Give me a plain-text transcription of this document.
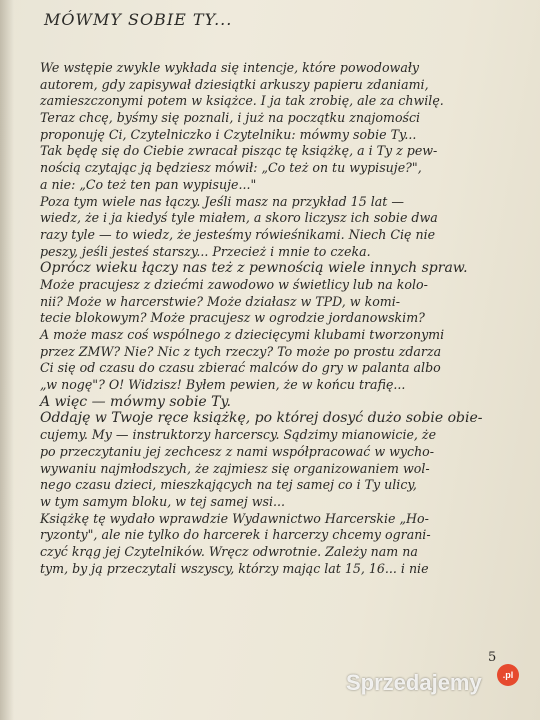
MÓWMY SOBIE TY...
We wstępie zwykle wykłada się intencje, które powodowały
autorem, gdy zapisywał dziesiątki arkuszy papieru zdaniami,
zamieszczonymi potem w książce. I ja tak zrobię, ale za chwilę.
Teraz chcę, byśmy się poznali, i już na początku znajomości
proponuję Ci, Czytelniczko i Czytelniku: mówmy sobie Ty...
Tak będę się do Ciebie zwracał pisząc tę książkę, a i Ty z pew-
nością czytając ją będziesz mówił: „Co też on tu wypisuje?",
a nie: „Co też ten pan wypisuje..."
Poza tym wiele nas łączy. Jeśli masz na przykład 15 lat —
wiedz, że i ja kiedyś tyle miałem, a skoro liczysz ich sobie dwa
razy tyle — to wiedz, że jesteśmy rówieśnikami. Niech Cię nie
peszy, jeśli jesteś starszy... Przecież i mnie to czeka.
Oprócz wieku łączy nas też z pewnością wiele innych spraw.
Może pracujesz z dziećmi zawodowo w świetlicy lub na kolo-
nii? Może w harcerstwie? Może działasz w TPD, w komi-
tecie blokowym? Może pracujesz w ogrodzie jordanowskim?
A może masz coś wspólnego z dziecięcymi klubami tworzonymi
przez ZMW? Nie? Nic z tych rzeczy? To może po prostu zdarza
Ci się od czasu do czasu zbierać malców do gry w palanta albo
„w nogę"? O! Widzisz! Byłem pewien, że w końcu trafię...
A więc — mówmy sobie Ty.
Oddaję w Twoje ręce książkę, po której dosyć dużo sobie obie-
cujemy. My — instruktorzy harcerscy. Sądzimy mianowicie, że
po przeczytaniu jej zechcesz z nami współpracować w wycho-
wywaniu najmłodszych, że zajmiesz się organizowaniem wol-
nego czasu dzieci, mieszkających na tej samej co i Ty ulicy,
w tym samym bloku, w tej samej wsi...
Książkę tę wydało wprawdzie Wydawnictwo Harcerskie „Ho-
ryzonty", ale nie tylko do harcerek i harcerzy chcemy ograni-
czyć krąg jej Czytelników. Wręcz odwrotnie. Zależy nam na
tym, by ją przeczytali wszyscy, którzy mając lat 15, 16... i nie
5
Sprzedajemy	.pl
